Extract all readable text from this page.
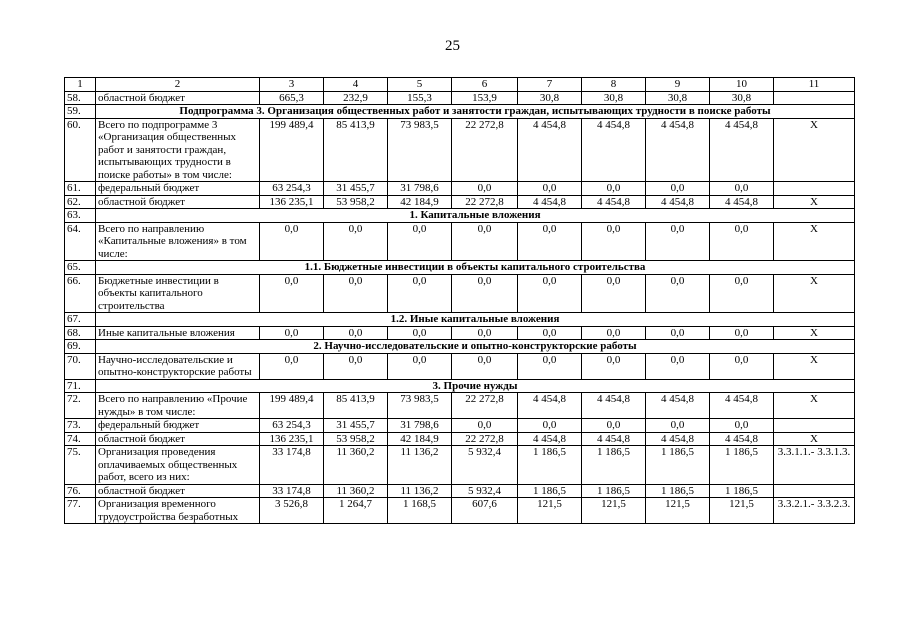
25
1	2	3	4	5	6	7	8	9	10	11
58.	областной бюджет	665,3	232,9	155,3	153,9	30,8	30,8	30,8	30,8	
59.	Подпрограмма 3. Организация общественных работ и занятости граждан, испытывающих трудности в поиске работы									
60.	Всего по подпрограмме 3 «Организация общественных работ и занятости граждан, испытывающих трудности в поиске работы» в том числе:	199 489,4	85 413,9	73 983,5	22 272,8	4 454,8	4 454,8	4 454,8	4 454,8	X
61.	федеральный бюджет	63 254,3	31 455,7	31 798,6	0,0	0,0	0,0	0,0	0,0	
62.	областной бюджет	136 235,1	53 958,2	42 184,9	22 272,8	4 454,8	4 454,8	4 454,8	4 454,8	X
63.	1. Капитальные вложения									
64.	Всего по направлению «Капитальные вложения» в том числе:	0,0	0,0	0,0	0,0	0,0	0,0	0,0	0,0	X
65.	1.1. Бюджетные инвестиции в объекты капитального строительства									
66.	Бюджетные инвестиции в объекты капитального строительства	0,0	0,0	0,0	0,0	0,0	0,0	0,0	0,0	X
67.	1.2. Иные капитальные вложения									
68.	Иные капитальные вложения	0,0	0,0	0,0	0,0	0,0	0,0	0,0	0,0	X
69.	2. Научно-исследовательские и опытно-конструкторские работы									
70.	Научно-исследовательские и опытно-конструкторские работы	0,0	0,0	0,0	0,0	0,0	0,0	0,0	0,0	X
71.	3. Прочие нужды									
72.	Всего по направлению «Прочие нужды» в том числе:	199 489,4	85 413,9	73 983,5	22 272,8	4 454,8	4 454,8	4 454,8	4 454,8	X
73.	федеральный бюджет	63 254,3	31 455,7	31 798,6	0,0	0,0	0,0	0,0	0,0	
74.	областной бюджет	136 235,1	53 958,2	42 184,9	22 272,8	4 454,8	4 454,8	4 454,8	4 454,8	X
75.	Организация проведения оплачиваемых общественных работ, всего из них:	33 174,8	11 360,2	11 136,2	5 932,4	1 186,5	1 186,5	1 186,5	1 186,5	3.3.1.1.- 3.3.1.3.
76.	областной бюджет	33 174,8	11 360,2	11 136,2	5 932,4	1 186,5	1 186,5	1 186,5	1 186,5	
77.	Организация временного трудоустройства безработных	3 526,8	1 264,7	1 168,5	607,6	121,5	121,5	121,5	121,5	3.3.2.1.- 3.3.2.3.
